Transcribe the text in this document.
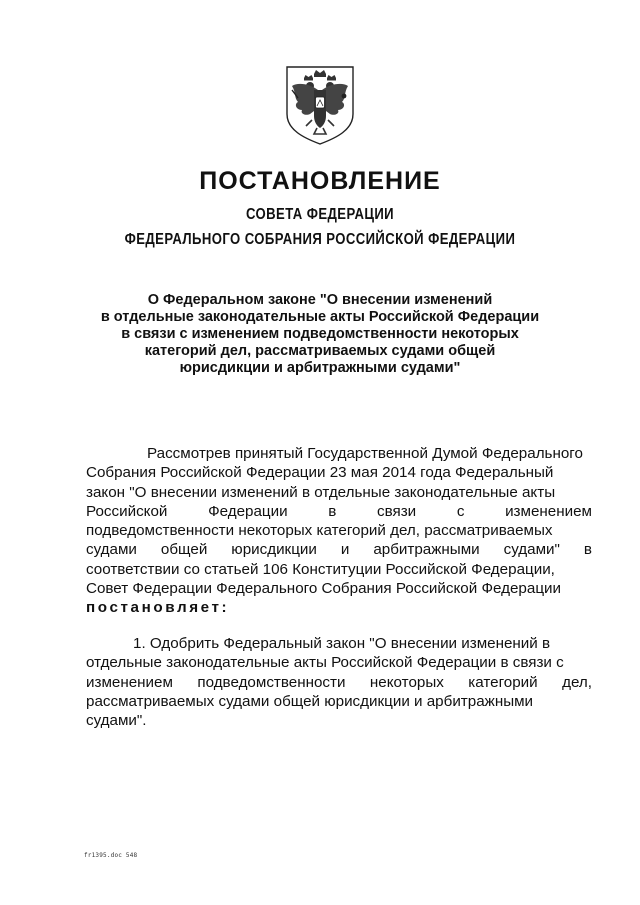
ПОСТАНОВЛЕНИЕ
СОВЕТА ФЕДЕРАЦИИ
ФЕДЕРАЛЬНОГО СОБРАНИЯ РОССИЙСКОЙ ФЕДЕРАЦИИ
О Федеральном законе "О внесении изменений
в отдельные законодательные акты Российской Федерации
в связи с изменением подведомственности некоторых
категорий дел, рассматриваемых судами общей
юрисдикции и арбитражными судами"
Рассмотрев принятый Государственной Думой Федерального
Собрания Российской Федерации 23 мая 2014 года Федеральный
закон "О внесении изменений в отдельные законодательные акты
Российской	Федерации	в	связи	с	изменением
подведомственности некоторых категорий дел, рассматриваемых
судами общей юрисдикции и арбитражными судами" в
соответствии со статьей 106 Конституции Российской Федерации,
Совет Федерации Федерального Собрания Российской Федерации
постановляет:
1. Одобрить Федеральный закон "О внесении изменений в
отдельные законодательные акты Российской Федерации в связи с
изменением подведомственности некоторых категорий дел,
рассматриваемых судами общей юрисдикции и арбитражными
судами".
fr1395.doc 548
